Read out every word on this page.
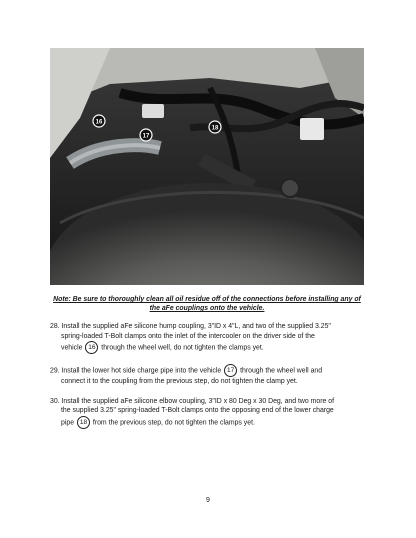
16
17
18
Note: Be sure to thoroughly clean all oil residue off of the connections before installing any of the aFe couplings onto the vehicle.
28. Install the supplied aFe silicone hump coupling, 3"ID x 4"L, and two of the supplied 3.25"
spring-loaded T-Bolt clamps onto the inlet of the intercooler on the driver side of the
vehicle 16 through the wheel well, do not tighten the clamps yet.
29. Install the lower hot side charge pipe into the vehicle 17 through the wheel well and
connect it to the coupling from the previous step, do not tighten the clamp yet.
30. Install the supplied aFe silicone elbow coupling, 3"ID x 80 Deg x 30 Deg, and two more of
the supplied 3.25" spring-loaded T-Bolt clamps onto the opposing end of the lower charge
pipe 18 from the previous step, do not tighten the clamps yet.
9
